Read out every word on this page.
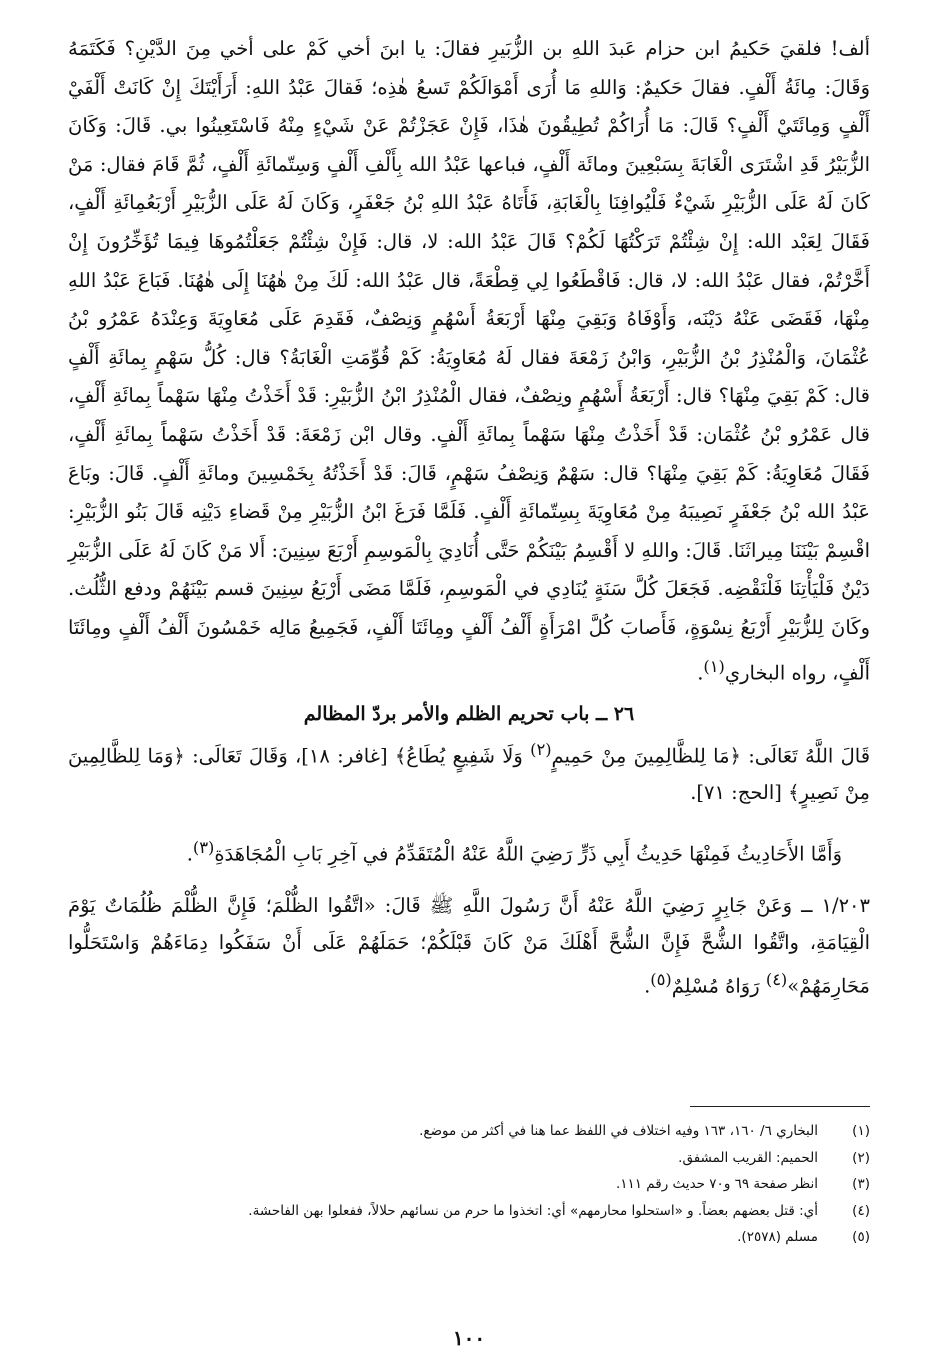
ألف! فلقيَ حَكيمُ ابن حزام عَبدَ اللهِ بن الزُّبَيرِ فقالَ: يا ابنَ أخي كَمْ على أخي مِنَ الدَّيْنِ؟ فَكَتَمَهُ وَقَالَ: مِائَةُ أَلْفٍ. فقالَ حَكيمٌ: وَاللهِ مَا أُرَى أَمْوَالَكُمْ تَسعُ هٰذِه؛ فَقالَ عَبْدُ اللهِ: أَرَأَيْتَكَ إِنْ كَانَتْ أَلْفَيْ أَلْفٍ وَمِائَتَيْ أَلْفٍ؟ قَالَ: مَا أُرَاكُمْ تُطِيقُونَ هٰذَا، فَإِنْ عَجَزْتُمْ عَنْ شَيْءٍ مِنْهُ فَاسْتَعِينُوا بي. قَالَ: وَكَانَ الزُّبَيْرُ قَدِ اشْتَرَى الْغَابَةَ بِسَبْعِينَ ومائَة أَلْفٍ، فباعها عَبْدُ الله بِأَلْفِ أَلْفٍ وَسِتّمائَةِ أَلْفٍ، ثُمَّ قَامَ فقال: مَنْ كَانَ لَهُ عَلَى الزُّبَيْرِ شَيْءٌ فَلْيُوافِنَا بِالْغَابَةِ، فَأَتَاهُ عَبْدُ اللهِ بْنُ جَعْفَرٍ، وَكَانَ لَهُ عَلَى الزُّبَيْرِ أَرْبَعُمِائَةِ أَلْفٍ، فَقَالَ لِعَبْد الله: إِنْ شِئْتُمْ تَرَكْتُهَا لَكُمْ؟ قَالَ عَبْدُ الله: لا، قال: فَإِنْ شِئْتُمْ جَعَلْتُمُوهَا فِيمَا تُؤَخِّرُونَ إِنْ أَخَّرْتُمْ، فقال عَبْدُ الله: لا، قال: فَاقْطَعُوا لِي قِطْعَةً، قال عَبْدُ الله: لَكَ مِنْ هٰهُنَا إِلَى هٰهُنَا. فَبَاعَ عَبْدُ اللهِ مِنْهَا، فَقَضَى عَنْهُ دَيْنَه، وَأَوْفَاهُ وَبَقِيَ مِنْهَا أَرْبَعَةُ أَسْهُمٍ وَنِصْفٌ، فَقَدِمَ عَلَى مُعَاوِيَةَ وَعِنْدَهُ عَمْرُو بْنُ عُثْمَانَ، وَالْمُنْذِرُ بْنُ الزُّبَيْرِ، وَابْنُ زَمْعَةَ فقال لَهُ مُعَاوِيَةُ: كَمْ قُوِّمَتِ الْغَابَةُ؟ قال: كُلُّ سَهْمٍ بِمائَةِ أَلْفٍ قال: كَمْ بَقِيَ مِنْهَا؟ قال: أَرْبَعَةُ أَسْهُمٍ ونِصْفٌ، فقال الْمُنْذِرُ ابْنُ الزُّبَيْرِ: قَدْ أَخَذْتُ مِنْهَا سَهْماً بِمائَةِ أَلْفٍ، قال عَمْرُو بْنُ عُثْمَان: قَدْ أَخَذْتُ مِنْهَا سَهْماً بِمائَةِ أَلْفٍ. وقال ابْن زَمْعَةَ: قَدْ أَخَذْتُ سَهْماً بِمائَةِ أَلْفٍ، فَقَالَ مُعَاوِيَةُ: كَمْ بَقِيَ مِنْهَا؟ قال: سَهْمٌ وَنِصْفُ سَهْمٍ، قَالَ: قَدْ أَخَذْتُهُ بِخَمْسِينَ ومائَةِ أَلْفٍ. قَالَ: وبَاعَ عَبْدُ الله بْنُ جَعْفَرٍ نَصِيبَهُ مِنْ مُعَاوِيَةَ بِسِتّمائَةِ أَلْفٍ. فَلَمَّا فَرَغَ ابْنُ الزُّبَيْرِ مِنْ قَضاءِ دَيْنِه قَالَ بَنُو الزُّبَيْرِ: اقْسِمْ بَيْنَنَا مِيراثَنَا. قَالَ: واللهِ لا أَقْسِمُ بَيْنَكُمْ حَتَّى أُنَادِيَ بِالْمَوسِمِ أَرْبَعَ سِنِينَ: أَلا مَنْ كَانَ لَهُ عَلَى الزُّبَيْرِ دَيْنٌ فَلْيَأْتِنَا فَلْنَقْضِه. فَجَعَلَ كُلَّ سَنَةٍ يُنَادِي في الْمَوسِمِ، فَلَمَّا مَضَى أَرْبَعُ سِنِينَ قسم بَيْنَهُمْ ودفع الثُّلُث. وكَانَ لِلزُّبَيْرِ أَرْبَعُ نِسْوَةٍ، فَأَصابَ كُلَّ امْرَأَةٍ أَلْفُ أَلْفٍ ومِائَتَا أَلْفٍ، فَجَمِيعُ مَالِه خَمْسُونَ أَلْفُ أَلْفٍ ومِائَتَا أَلْفٍ، رواه البخاري$^{(١)}$.

٢٦ ــ باب تحريم الظلم والأمر بردّ المظالم

قَالَ اللَّهُ تَعَالَى: ﴿مَا لِلظَّالِمِينَ مِنْ حَمِيمٍ$^{(٢)}$ وَلَا شَفِيعٍ يُطَاعُ﴾ [غافر: ١٨]، وَقَالَ تَعَالَى: ﴿وَمَا لِلظَّالِمِينَ مِنْ نَصِيرٍ﴾ [الحج: ٧١].

وَأَمَّا الأَحَادِيثُ فَمِنْهَا حَدِيثُ أَبِي ذَرٍّ رَضِيَ اللَّهُ عَنْهُ الْمُتَقَدِّمُ في آخِرِ بَابِ الْمُجَاهَدَةِ$^{(٣)}$.

١/٢٠٣ ــ وَعَنْ جَابِرٍ رَضِيَ اللَّهُ عَنْهُ أَنَّ رَسُولَ اللَّهِ ﷺ قَالَ: «اتَّقُوا الظُّلْمَ؛ فَإِنَّ الظُّلْمَ ظُلُمَاتٌ يَوْمَ الْقِيَامَةِ، واتَّقُوا الشُّحَّ فَإِنَّ الشُّحَّ أَهْلَكَ مَنْ كَانَ قَبْلَكُمْ؛ حَمَلَهُمْ عَلَى أَنْ سَفَكُوا دِمَاءَهُمْ وَاسْتَحَلُّوا مَحَارِمَهُمْ»$^{(٤)}$ رَوَاهُ مُسْلِمٌ$^{(٥)}$.

(١)
البخاري ٦/ ١٦٠، ١٦٣ وفيه اختلاف في اللفظ عما هنا في أكثر من موضع.
(٢)
الحميم: القريب المشفق.
(٣)
انظر صفحة ٦٩ و٧٠ حديث رقم ١١١.
(٤)
أي: قتل بعضهم بعضاً. و «استحلوا محارمهم» أي: اتخذوا ما حرم من نسائهم حلالاً، ففعلوا بهن الفاحشة.
(٥)
مسلم (٢٥٧٨).
١٠٠
